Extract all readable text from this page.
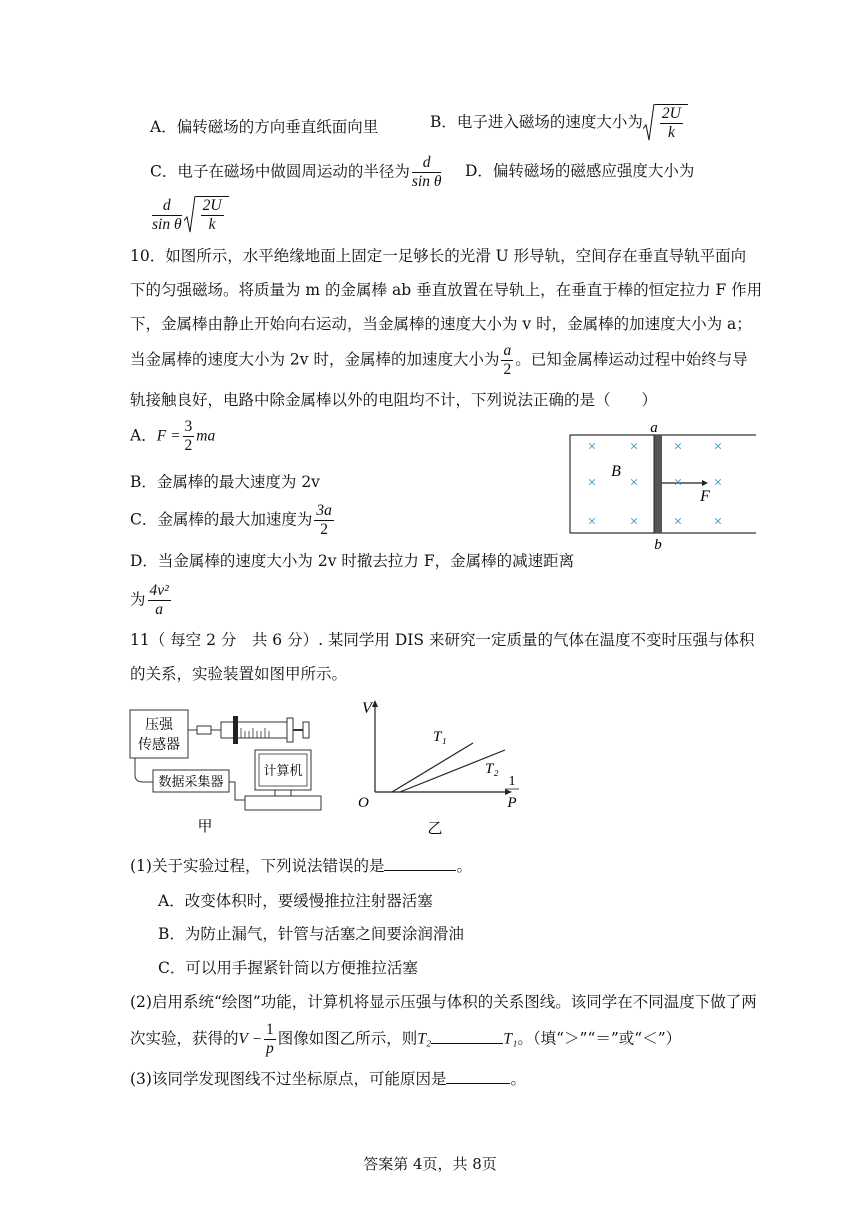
A．偏转磁场的方向垂直纸面向里	B．电子进入磁场的速度大小为 $\frac{2U}{k}$
C．电子在磁场中做圆周运动的半径为 $\frac{d}{\text{sin θ}}$ D．偏转磁场的磁感应强度大小为
$\frac{d}{\text{sin θ}} \frac{2U}{k}$
10．如图所示，水平绝缘地面上固定一足够长的光滑 U 形导轨，空间存在垂直导轨平面向
下的匀强磁场。将质量为 m 的金属棒 ab 垂直放置在导轨上，在垂直于棒的恒定拉力 F 作用
下，金属棒由静止开始向右运动，当金属棒的速度大小为 v 时，金属棒的加速度大小为 a；
当金属棒的速度大小为 2v 时，金属棒的加速度大小为 $\frac{a}{2}$ 。已知金属棒运动过程中始终与导
轨接触良好，电路中除金属棒以外的电阻均不计，下列说法正确的是（　　）
A．$F = \frac{3}{2}$ ma
B．金属棒的最大速度为 2v
C．金属棒的最大加速度为 $\frac{3a}{2}$
D．当金属棒的速度大小为 2v 时撤去拉力 F，金属棒的减速距离
为 $\frac{\text{4v²}}{a}$
a
b
B
F
× × × ×
× × × ×
× × × ×
11（ 每空 2 分　共 6 分）. 某同学用 DIS 来研究一定质量的气体在温度不变时压强与体积
的关系，实验装置如图甲所示。
压强
传感器
数据采集器
计算机
甲
V
O
1
P
T₁
T₂
乙
(1)关于实验过程，下列说法错误的是	。
A．改变体积时，要缓慢推拉注射器活塞
B．为防止漏气，针管与活塞之间要涂润滑油
C．可以用手握紧针筒以方便推拉活塞
(2)启用系统“绘图”功能，计算机将显示压强与体积的关系图线。该同学在不同温度下做了两
次实验，获得的$V - \frac{1}{p}$ 图像如图乙所示，则T₂	T₁。（填“＞”“＝”或“＜”）
(3)该同学发现图线不过坐标原点，可能原因是	。
答案第 4页，共 8页
